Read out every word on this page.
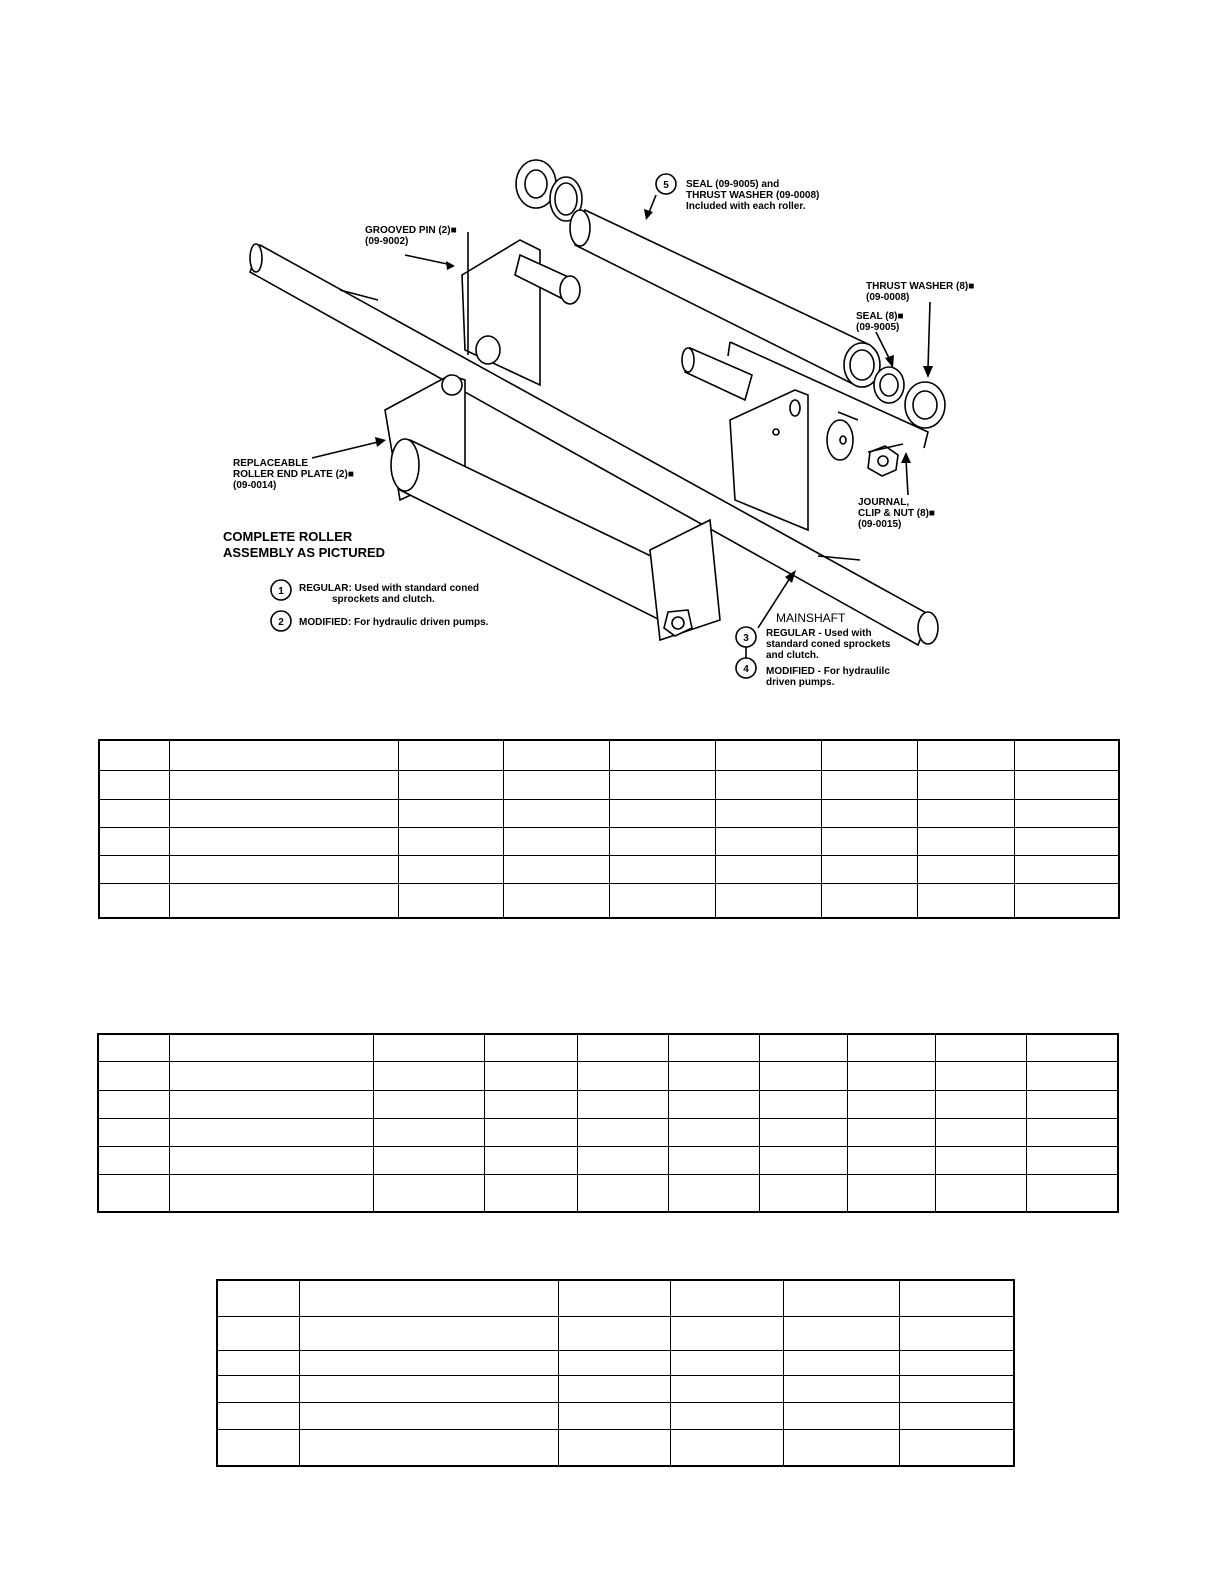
5 SEAL (09-9005) and
THRUST WASHER (09-0008)
Included with each roller.
GROOVED PIN (2)■
(09-9002)
THRUST WASHER (8)■
(09-0008)
SEAL (8)■
(09-9005)
REPLACEABLE
ROLLER END PLATE (2)■
(09-0014)
JOURNAL,
CLIP & NUT (8)■
(09-0015)
COMPLETE ROLLER
ASSEMBLY AS PICTURED
1 REGULAR: Used with standard coned
sprockets and clutch.
2 MODIFIED: For hydraulic driven pumps.	MAINSHAFT
3 REGULAR - Used with
standard coned sprockets
and clutch.
4 MODIFIED - For hydraulilc
driven pumps.
